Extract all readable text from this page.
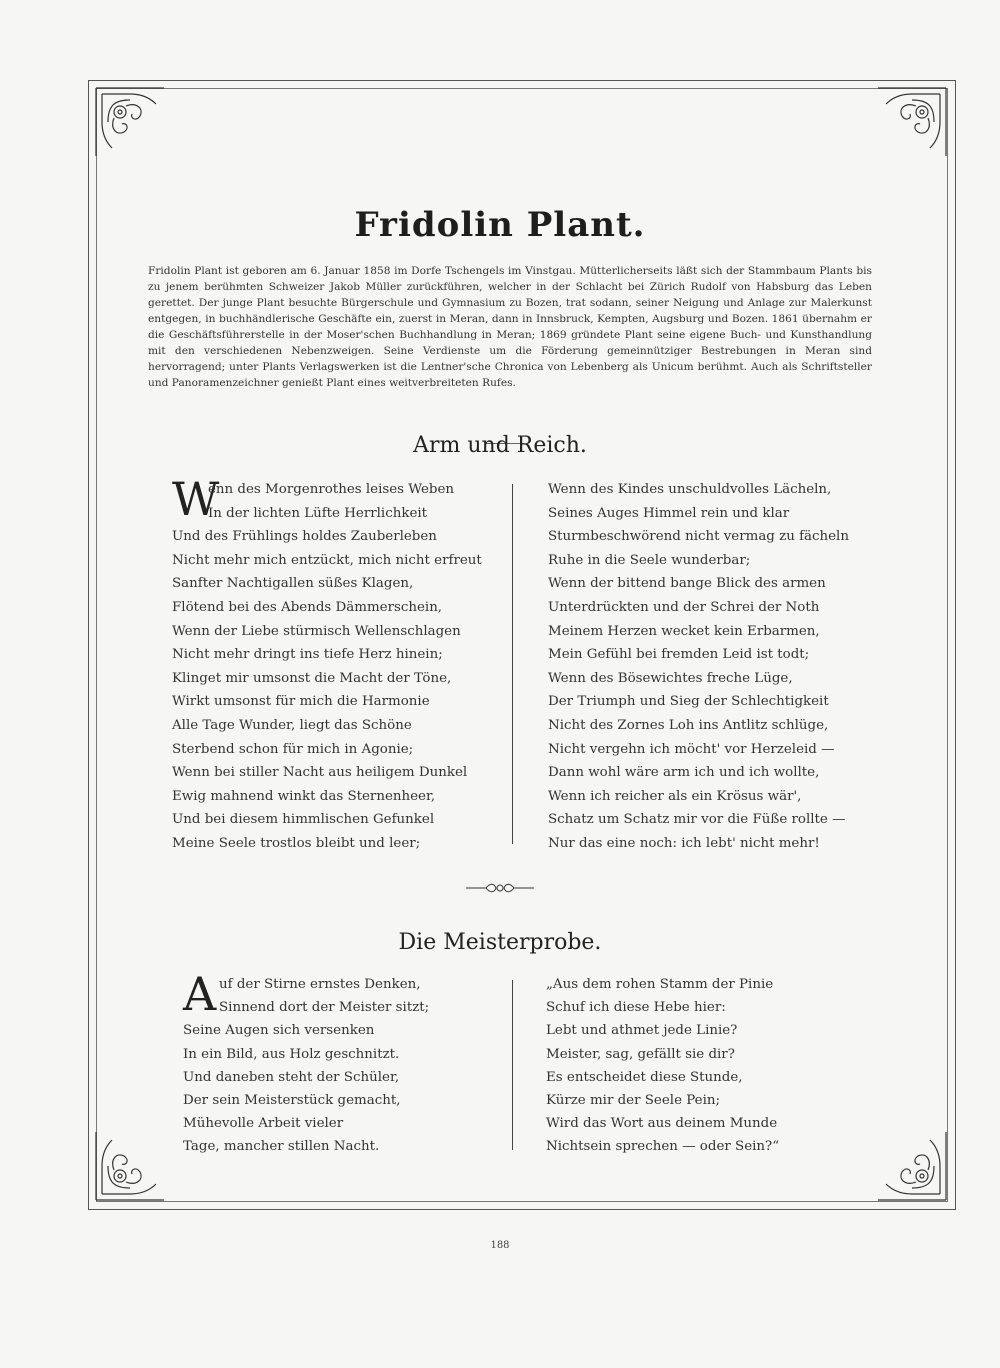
Fridolin Plant.
Fridolin Plant ist geboren am 6. Januar 1858 im Dorfe Tschengels im Vinstgau. Mütterlicherseits läßt sich der Stammbaum Plants bis zu jenem berühmten Schweizer Jakob Müller zurückführen, welcher in der Schlacht bei Zürich Rudolf von Habsburg das Leben gerettet. Der junge Plant besuchte Bürgerschule und Gymnasium zu Bozen, trat sodann, seiner Neigung und Anlage zur Malerkunst entgegen, in buchhändlerische Geschäfte ein, zuerst in Meran, dann in Innsbruck, Kempten, Augsburg und Bozen. 1861 übernahm er die Geschäftsführerstelle in der Moser'schen Buchhandlung in Meran; 1869 gründete Plant seine eigene Buch- und Kunsthandlung mit den verschiedenen Nebenzweigen. Seine Verdienste um die Förderung gemeinnütziger Bestrebungen in Meran sind hervorragend; unter Plants Verlagswerken ist die Lentner'sche Chronica von Lebenberg als Unicum berühmt. Auch als Schriftsteller und Panoramenzeichner genießt Plant eines weitverbreiteten Rufes.
Arm und Reich.
W
enn des Morgenrothes leises Weben
In der lichten Lüfte Herrlichkeit
Und des Frühlings holdes Zauberleben
Nicht mehr mich entzückt, mich nicht erfreut
Sanfter Nachtigallen süßes Klagen,
Flötend bei des Abends Dämmerschein,
Wenn der Liebe stürmisch Wellenschlagen
Nicht mehr dringt ins tiefe Herz hinein;
Klinget mir umsonst die Macht der Töne,
Wirkt umsonst für mich die Harmonie
Alle Tage Wunder, liegt das Schöne
Sterbend schon für mich in Agonie;
Wenn bei stiller Nacht aus heiligem Dunkel
Ewig mahnend winkt das Sternenheer,
Und bei diesem himmlischen Gefunkel
Meine Seele trostlos bleibt und leer;
Wenn des Kindes unschuldvolles Lächeln,
Seines Auges Himmel rein und klar
Sturmbeschwörend nicht vermag zu fächeln
Ruhe in die Seele wunderbar;
Wenn der bittend bange Blick des armen
Unterdrückten und der Schrei der Noth
Meinem Herzen wecket kein Erbarmen,
Mein Gefühl bei fremden Leid ist todt;
Wenn des Bösewichtes freche Lüge,
Der Triumph und Sieg der Schlechtigkeit
Nicht des Zornes Loh ins Antlitz schlüge,
Nicht vergehn ich möcht' vor Herzeleid —
Dann wohl wäre arm ich und ich wollte,
Wenn ich reicher als ein Krösus wär',
Schatz um Schatz mir vor die Füße rollte —
Nur das eine noch: ich lebt' nicht mehr!
Die Meisterprobe.
A uf der Stirne ernstes Denken,
Sinnend dort der Meister sitzt;
Seine Augen sich versenken
In ein Bild, aus Holz geschnitzt.
Und daneben steht der Schüler,
Der sein Meisterstück gemacht,
Mühevolle Arbeit vieler
Tage, mancher stillen Nacht.
„Aus dem rohen Stamm der Pinie
Schuf ich diese Hebe hier:
Lebt und athmet jede Linie?
Meister, sag, gefällt sie dir?
Es entscheidet diese Stunde,
Kürze mir der Seele Pein;
Wird das Wort aus deinem Munde
Nichtsein sprechen — oder Sein?“
188
